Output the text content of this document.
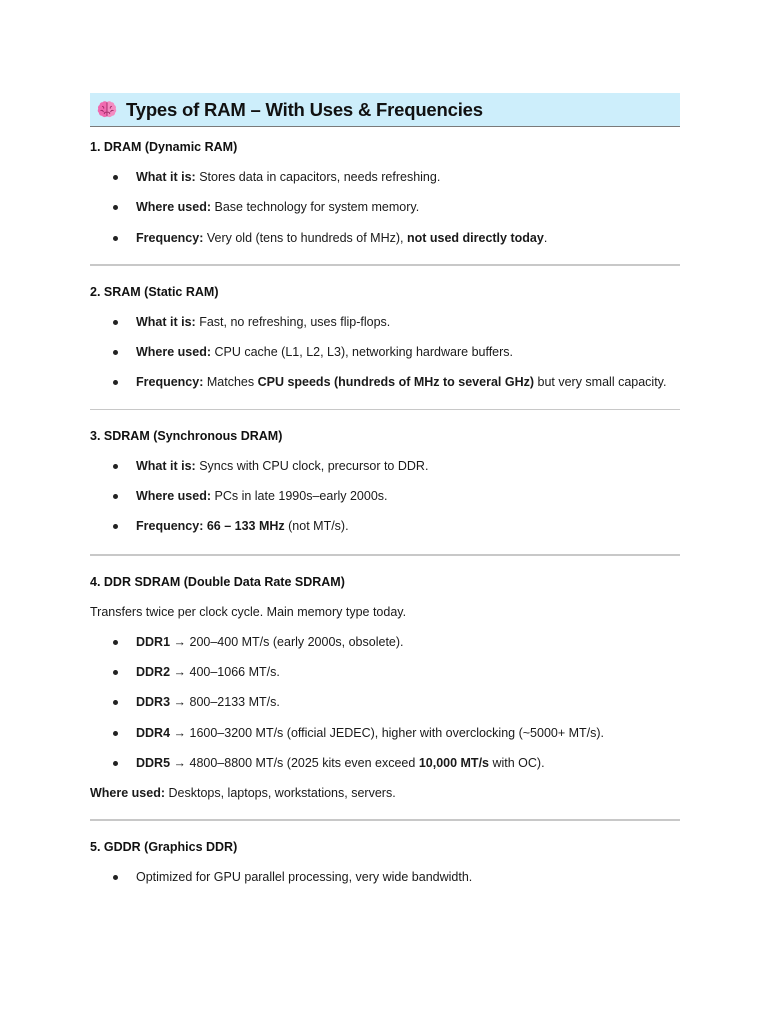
Types of RAM – With Uses & Frequencies
1. DRAM (Dynamic RAM)
What it is: Stores data in capacitors, needs refreshing.
Where used: Base technology for system memory.
Frequency: Very old (tens to hundreds of MHz), not used directly today.
2. SRAM (Static RAM)
What it is: Fast, no refreshing, uses flip-flops.
Where used: CPU cache (L1, L2, L3), networking hardware buffers.
Frequency: Matches CPU speeds (hundreds of MHz to several GHz) but very small capacity.
3. SDRAM (Synchronous DRAM)
What it is: Syncs with CPU clock, precursor to DDR.
Where used: PCs in late 1990s–early 2000s.
Frequency: 66 – 133 MHz (not MT/s).
4. DDR SDRAM (Double Data Rate SDRAM)
Transfers twice per clock cycle. Main memory type today.
DDR1 → 200–400 MT/s (early 2000s, obsolete).
DDR2 → 400–1066 MT/s.
DDR3 → 800–2133 MT/s.
DDR4 → 1600–3200 MT/s (official JEDEC), higher with overclocking (~5000+ MT/s).
DDR5 → 4800–8800 MT/s (2025 kits even exceed 10,000 MT/s with OC).
Where used: Desktops, laptops, workstations, servers.
5. GDDR (Graphics DDR)
Optimized for GPU parallel processing, very wide bandwidth.
